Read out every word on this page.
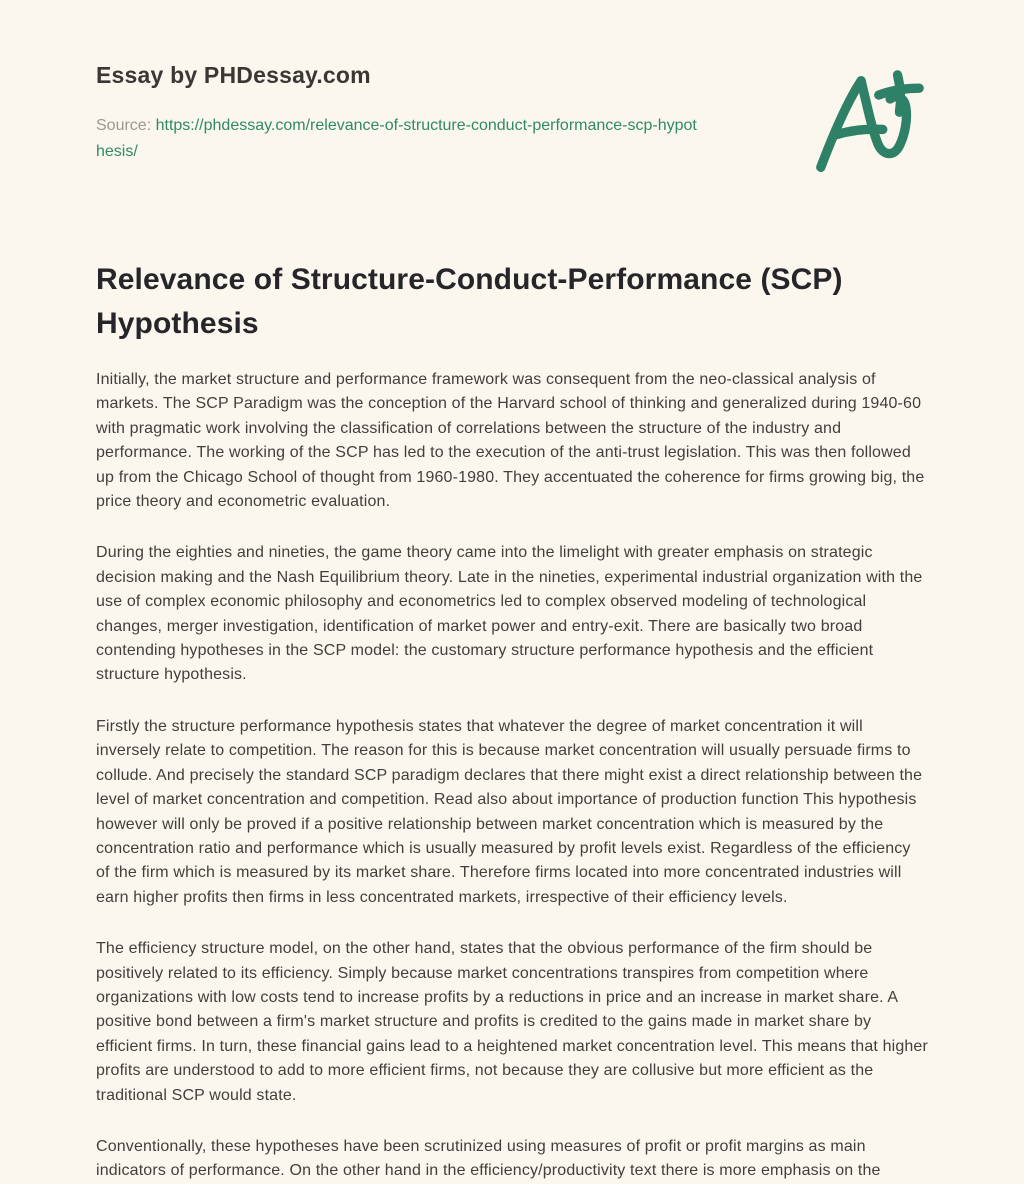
Essay by PHDessay.com
Source: https://phdessay.com/relevance-of-structure-conduct-performance-scp-hypothesis/
Relevance of Structure-Conduct-Performance (SCP) Hypothesis

Initially, the market structure and performance framework was consequent from the neo-classical analysis of markets. The SCP Paradigm was the conception of the Harvard school of thinking and generalized during 1940-60 with pragmatic work involving the classification of correlations between the structure of the industry and performance. The working of the SCP has led to the execution of the anti-trust legislation. This was then followed up from the Chicago School of thought from 1960-1980. They accentuated the coherence for firms growing big, the price theory and econometric evaluation.

During the eighties and nineties, the game theory came into the limelight with greater emphasis on strategic decision making and the Nash Equilibrium theory. Late in the nineties, experimental industrial organization with the use of complex economic philosophy and econometrics led to complex observed modeling of technological changes, merger investigation, identification of market power and entry-exit. There are basically two broad contending hypotheses in the SCP model: the customary structure performance hypothesis and the efficient structure hypothesis.

Firstly the structure performance hypothesis states that whatever the degree of market concentration it will inversely relate to competition. The reason for this is because market concentration will usually persuade firms to collude. And precisely the standard SCP paradigm declares that there might exist a direct relationship between the level of market concentration and competition. Read also about importance of production function This hypothesis however will only be proved if a positive relationship between market concentration which is measured by the concentration ratio and performance which is usually measured by profit levels exist. Regardless of the efficiency of the firm which is measured by its market share. Therefore firms located into more concentrated industries will earn higher profits then firms in less concentrated markets, irrespective of their efficiency levels.

The efficiency structure model, on the other hand, states that the obvious performance of the firm should be positively related to its efficiency. Simply because market concentrations transpires from competition where organizations with low costs tend to increase profits by a reductions in price and an increase in market share. A positive bond between a firm's market structure and profits is credited to the gains made in market share by efficient firms. In turn, these financial gains lead to a heightened market concentration level. This means that higher profits are understood to add to more efficient firms, not because they are collusive but more efficient as the traditional SCP would state.

Conventionally, these hypotheses have been scrutinized using measures of profit or profit margins as main indicators of performance. On the other hand in the efficiency/productivity text there is more emphasis on the
